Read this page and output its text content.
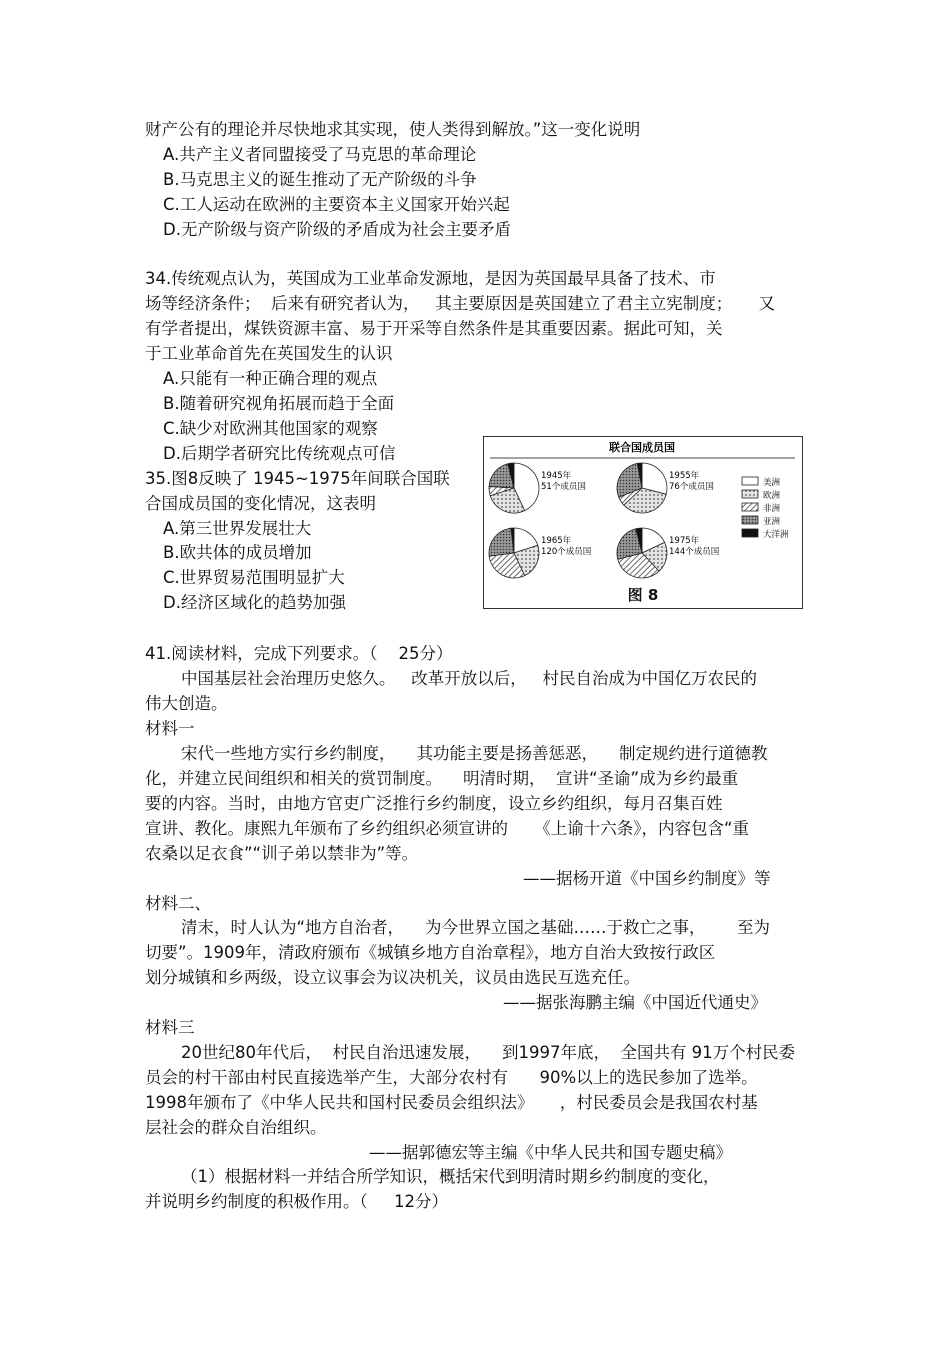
财产公有的理论并尽快地求其实现，使人类得到解放。”这一变化说明
A.共产主义者同盟接受了马克思的革命理论
B.马克思主义的诞生推动了无产阶级的斗争
C.工人运动在欧洲的主要资本主义国家开始兴起
D.无产阶级与资产阶级的矛盾成为社会主要矛盾
34.传统观点认为，英国成为工业革命发源地，是因为英国最早具备了技术、市
场等经济条件；  后来有研究者认为，   其主要原因是英国建立了君主立宪制度；     又
有学者提出，煤铁资源丰富、易于开采等自然条件是其重要因素。据此可知，关
于工业革命首先在英国发生的认识
A.只能有一种正确合理的观点
B.随着研究视角拓展而趋于全面
C.缺少对欧洲其他国家的观察
D.后期学者研究比传统观点可信
35.图8反映了 1945~1975年间联合国联
合国成员国的变化情况，这表明
A.第三世界发展壮大
B.欧共体的成员增加
C.世界贸易范围明显扩大
D.经济区域化的趋势加强
联合国成员国
1945年
51个成员国
1955年
76个成员国
1965年
120个成员国
1975年
144个成员国
美洲
欧洲
非洲
亚洲
大洋洲
图 8
41.阅读材料，完成下列要求。（    25分）
中国基层社会治理历史悠久。   改革开放以后，   村民自治成为中国亿万农民的
伟大创造。
材料一
宋代一些地方实行乡约制度，    其功能主要是扬善惩恶，    制定规约进行道德教
化，并建立民间组织和相关的赏罚制度。    明清时期，  宣讲“圣谕”成为乡约最重
要的内容。当时，由地方官吏广泛推行乡约制度，设立乡约组织，每月召集百姓
宣讲、教化。康熙九年颁布了乡约组织必须宣讲的     《上谕十六条》，内容包含“重
农桑以足衣食”“训子弟以禁非为”等。
——据杨开道《中国乡约制度》等
材料二、
清末，时人认为“地方自治者，    为今世界立国之基础……于救亡之事，      至为
切要”。1909年，清政府颁布《城镇乡地方自治章程》，地方自治大致按行政区
划分城镇和乡两级，设立议事会为议决机关，议员由选民互选充任。
——据张海鹏主编《中国近代通史》
材料三
20世纪80年代后，  村民自治迅速发展，    到1997年底，  全国共有 91万个村民委
员会的村干部由村民直接选举产生，大部分农村有      90%以上的选民参加了选举。
1998年颁布了《中华人民共和国村民委员会组织法》     ，村民委员会是我国农村基
层社会的群众自治组织。
——据郭德宏等主编《中华人民共和国专题史稿》
（1）根据材料一并结合所学知识，概括宋代到明清时期乡约制度的变化，
并说明乡约制度的积极作用。（     12分）
